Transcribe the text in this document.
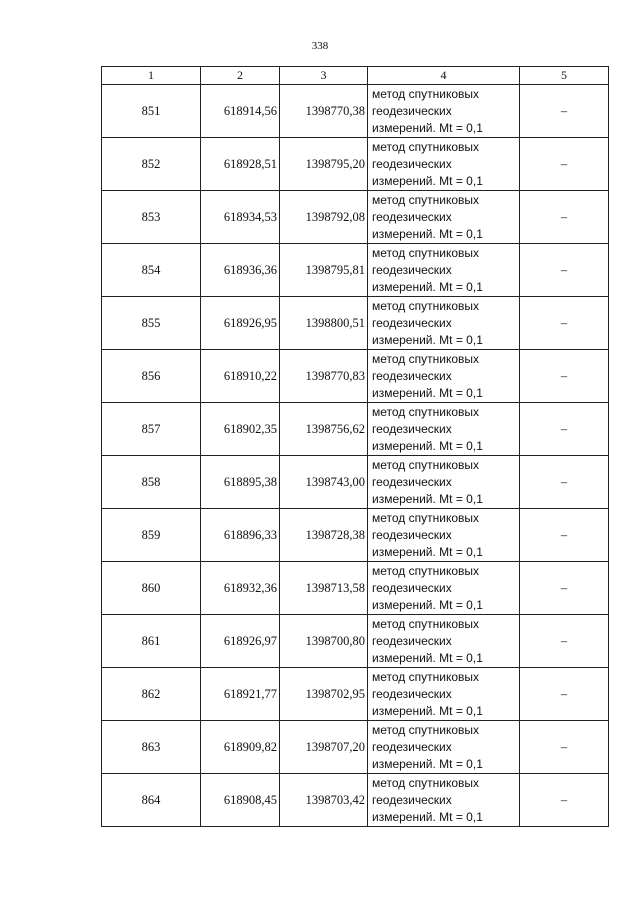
338
1	2	3	4	5
851	618914,56	1398770,38	метод спутниковых
геодезических
измерений. Mt = 0,1	–
852	618928,51	1398795,20	метод спутниковых
геодезических
измерений. Mt = 0,1	–
853	618934,53	1398792,08	метод спутниковых
геодезических
измерений. Mt = 0,1	–
854	618936,36	1398795,81	метод спутниковых
геодезических
измерений. Mt = 0,1	–
855	618926,95	1398800,51	метод спутниковых
геодезических
измерений. Mt = 0,1	–
856	618910,22	1398770,83	метод спутниковых
геодезических
измерений. Mt = 0,1	–
857	618902,35	1398756,62	метод спутниковых
геодезических
измерений. Mt = 0,1	–
858	618895,38	1398743,00	метод спутниковых
геодезических
измерений. Mt = 0,1	–
859	618896,33	1398728,38	метод спутниковых
геодезических
измерений. Mt = 0,1	–
860	618932,36	1398713,58	метод спутниковых
геодезических
измерений. Mt = 0,1	–
861	618926,97	1398700,80	метод спутниковых
геодезических
измерений. Mt = 0,1	–
862	618921,77	1398702,95	метод спутниковых
геодезических
измерений. Mt = 0,1	–
863	618909,82	1398707,20	метод спутниковых
геодезических
измерений. Mt = 0,1	–
864	618908,45	1398703,42	метод спутниковых
геодезических
измерений. Mt = 0,1	–
